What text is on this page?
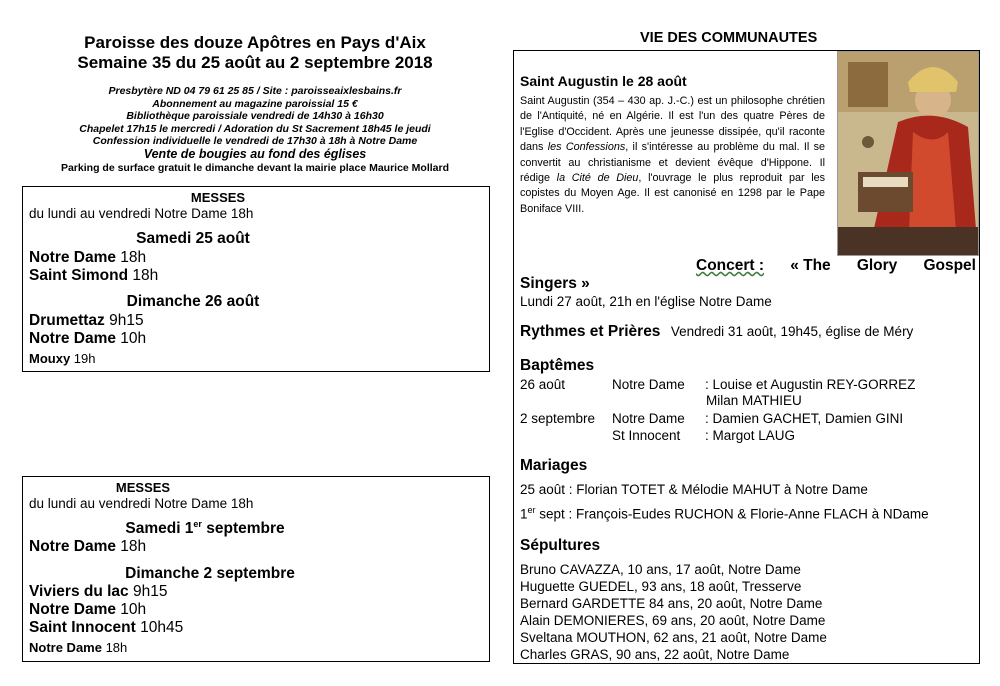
Paroisse des douze Apôtres en Pays d'Aix
Semaine 35 du 25 août au 2 septembre 2018
Presbytère ND 04 79 61 25 85 / Site : paroisseaixlesbains.fr
Abonnement au magazine paroissial 15 €
Bibliothèque paroissiale vendredi de 14h30 à 16h30
Chapelet 17h15 le mercredi / Adoration du St Sacrement 18h45 le jeudi
Confession individuelle le vendredi de 17h30 à 18h à Notre Dame
Vente de bougies au fond des églises
Parking de surface gratuit le dimanche devant la mairie place Maurice Mollard
MESSES
du lundi au vendredi Notre Dame 18h
Samedi 25 août
Notre Dame 18h
Saint Simond 18h
Dimanche 26 août
Drumettaz 9h15
Notre Dame 10h
Mouxy 19h
MESSES
du lundi au vendredi Notre Dame 18h
Samedi 1er septembre
Notre Dame 18h
Dimanche 2 septembre
Viviers du lac 9h15
Notre Dame 10h
Saint Innocent 10h45
Notre Dame 18h
VIE DES COMMUNAUTES
Saint Augustin le 28 août
Saint Augustin (354 – 430 ap. J.-C.) est un philosophe chrétien de l'Antiquité, né en Algérie. Il est l'un des quatre Pères de l'Eglise d'Occident. Après une jeunesse dissipée, qu'il raconte dans les Confessions, il s'intéresse au problème du mal. Il se convertit au christianisme et devient évêque d'Hippone. Il rédige la Cité de Dieu, l'ouvrage le plus reproduit par les copistes du Moyen Age. Il est canonisé en 1298 par le Pape Boniface VIII.
Concert : « The Glory Gospel
Singers »
Lundi 27 août, 21h en l'église Notre Dame
Rythmes et Prières Vendredi 31 août, 19h45, église de Méry
Baptêmes
26 août	Notre Dame : Louise et Augustin REY-GORREZ
Milan MATHIEU
2 septembre Notre Dame : Damien GACHET, Damien GINI
St Innocent : Margot LAUG
Mariages
25 août : Florian TOTET & Mélodie MAHUT à Notre Dame
1er sept : François-Eudes RUCHON & Florie-Anne FLACH à NDame
Sépultures
Bruno CAVAZZA, 10 ans, 17 août, Notre Dame
Huguette GUEDEL, 93 ans, 18 août, Tresserve
Bernard GARDETTE 84 ans, 20 août, Notre Dame
Alain DEMONIERES, 69 ans, 20 août, Notre Dame
Sveltana MOUTHON, 62 ans, 21 août, Notre Dame
Charles GRAS, 90 ans, 22 août, Notre Dame
